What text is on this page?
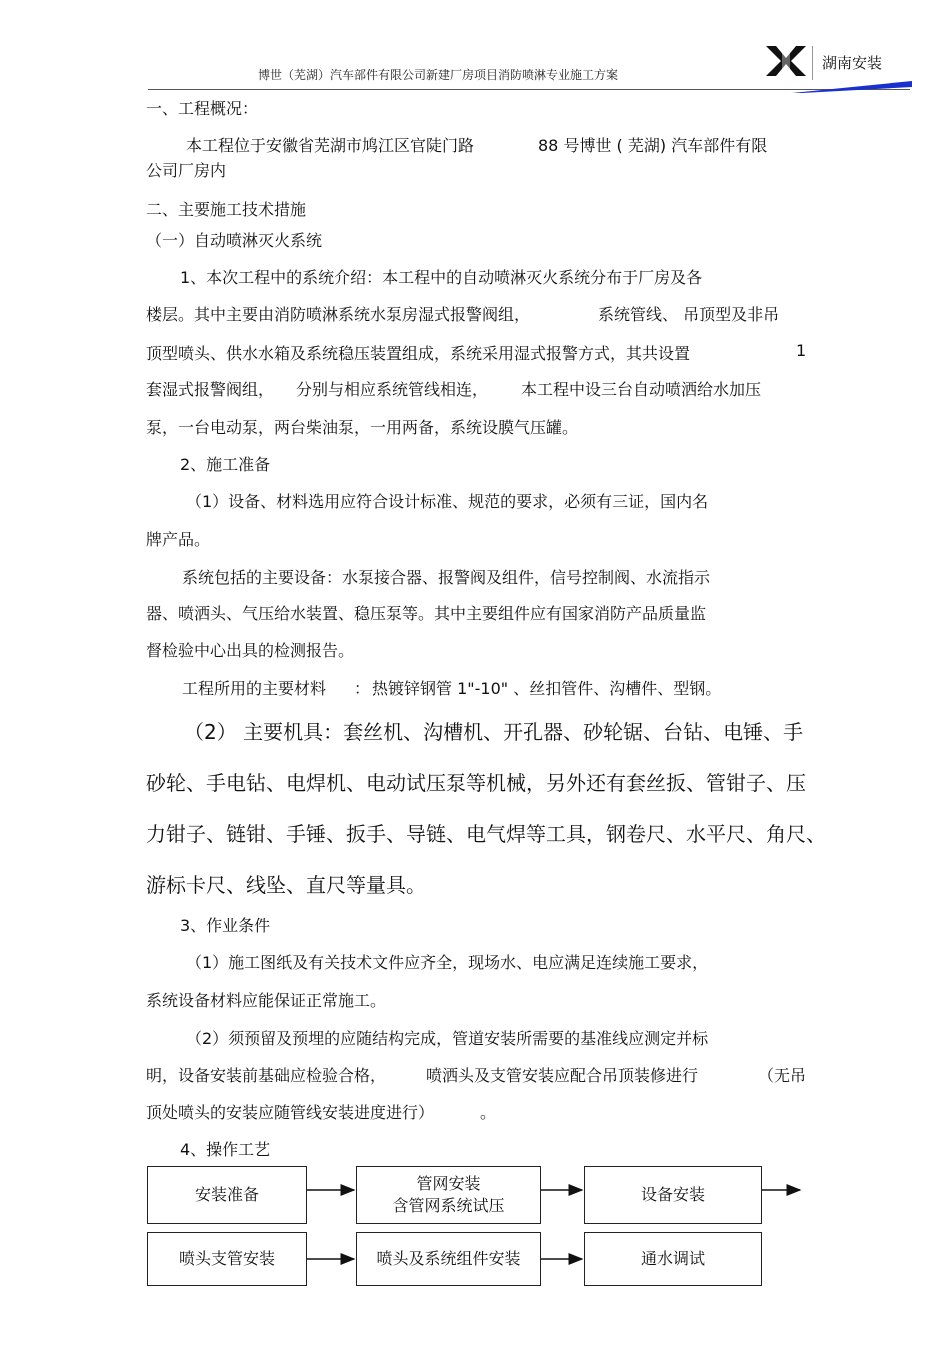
博世（芜湖）汽车部件有限公司新建厂房项目消防喷淋专业施工方案
湖南安装
一、工程概况：
本工程位于安徽省芜湖市鸠江区官陡门路	88 号博世 ( 芜湖) 汽车部件有限
公司厂房内
二、主要施工技术措施
（一）自动喷淋灭火系统
1、本次工程中的系统介绍：本工程中的自动喷淋灭火系统分布于厂房及各
楼层。其中主要由消防喷淋系统水泵房湿式报警阀组，	系统管线、 吊顶型及非吊
顶型喷头、供水水箱及系统稳压装置组成，系统采用湿式报警方式，其共设置	1
套湿式报警阀组， 分别与相应系统管线相连， 本工程中设三台自动喷洒给水加压
泵，一台电动泵，两台柴油泵，一用两备，系统设膜气压罐。
2、施工准备
（1）设备、材料选用应符合设计标准、规范的要求，必须有三证，国内名
牌产品。
系统包括的主要设备：水泵接合器、报警阀及组件，信号控制阀、水流指示
器、喷洒头、气压给水装置、稳压泵等。其中主要组件应有国家消防产品质量监
督检验中心出具的检测报告。
工程所用的主要材料 ： 热镀锌钢管 1"-10" 、丝扣管件、沟槽件、型钢。
（2） 主要机具：套丝机、沟槽机、开孔器、砂轮锯、台钻、电锤、手
砂轮、手电钻、电焊机、电动试压泵等机械，另外还有套丝扳、管钳子、压
力钳子、链钳、手锤、扳手、导链、电气焊等工具，钢卷尺、水平尺、角尺、
游标卡尺、线坠、直尺等量具。
3、作业条件
（1）施工图纸及有关技术文件应齐全，现场水、电应满足连续施工要求，
系统设备材料应能保证正常施工。
（2）须预留及预埋的应随结构完成，管道安装所需要的基准线应测定并标
明，设备安装前基础应检验合格， 喷洒头及支管安装应配合吊顶装修进行	（无吊
顶处喷头的安装应随管线安装进度进行）	。
4、操作工艺
安装准备
管网安装
含管网系统试压
设备安装
喷头支管安装	喷头及系统组件安装	通水调试
